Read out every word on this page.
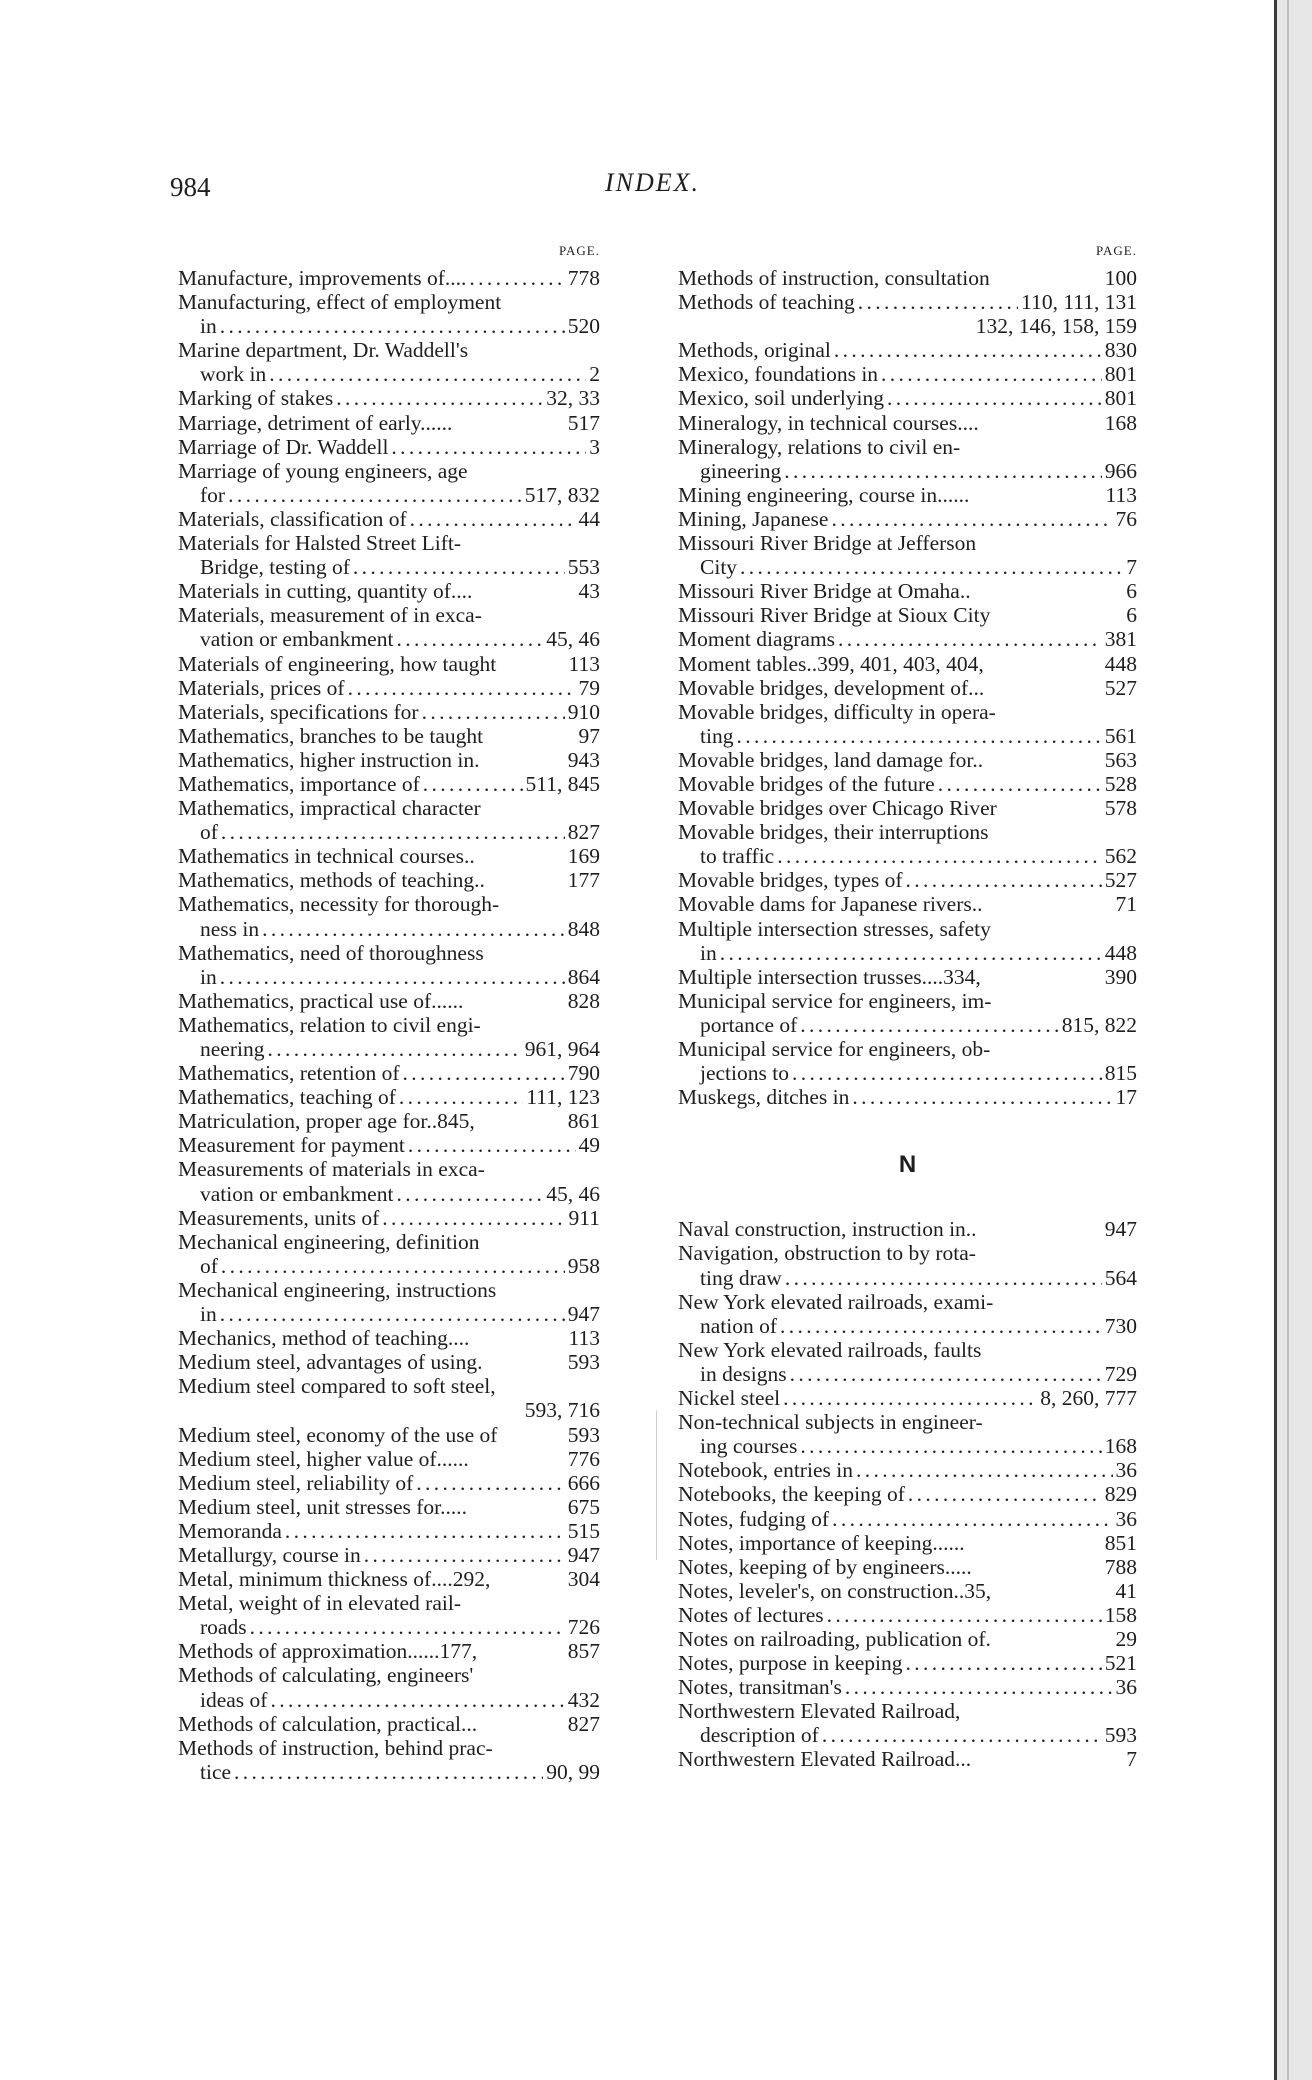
984	INDEX.
PAGE.
Manufacture, improvements of.... . . .	778
Manufacturing, effect of employment
in . . .	520
Marine department, Dr. Waddell's
work in . . .	2
Marking of stakes . . .	32, 33
Marriage, detriment of early......	517
Marriage of Dr. Waddell . . .	3
Marriage of young engineers, age
for . . .	517, 832
Materials, classification of . . .	44
Materials for Halsted Street Lift-
Bridge, testing of . . .	553
Materials in cutting, quantity of....	43
Materials, measurement of in exca-
vation or embankment . . .	45, 46
Materials of engineering, how taught	113
Materials, prices of . . .	79
Materials, specifications for . . .	910
Mathematics, branches to be taught	97
Mathematics, higher instruction in.	943
Mathematics, importance of . . .	511, 845
Mathematics, impractical character
of . . .	827
Mathematics in technical courses..	169
Mathematics, methods of teaching..	177
Mathematics, necessity for thorough-
ness in . . .	848
Mathematics, need of thoroughness
in . . .	864
Mathematics, practical use of......	828
Mathematics, relation to civil engi-
neering . . .	961, 964
Mathematics, retention of . . .	790
Mathematics, teaching of . . .	111, 123
Matriculation, proper age for..845,	861
Measurement for payment . . .	49
Measurements of materials in exca-
vation or embankment . . .	45, 46
Measurements, units of . . .	911
Mechanical engineering, definition
of . . .	958
Mechanical engineering, instructions
in . . .	947
Mechanics, method of teaching....	113
Medium steel, advantages of using.	593
Medium steel compared to soft steel,
593, 716
Medium steel, economy of the use of	593
Medium steel, higher value of......	776
Medium steel, reliability of . . .	666
Medium steel, unit stresses for.....	675
Memoranda . . .	515
Metallurgy, course in . . .	947
Metal, minimum thickness of....292,	304
Metal, weight of in elevated rail-
roads . . .	726
Methods of approximation......177,	857
Methods of calculating, engineers'
ideas of . . .	432
Methods of calculation, practical...	827
Methods of instruction, behind prac-
tice . . .	90, 99
PAGE.
Methods of instruction, consultation	100
Methods of teaching . . .	110, 111, 131
132, 146, 158, 159
Methods, original . . .	830
Mexico, foundations in . . .	801
Mexico, soil underlying . . .	801
Mineralogy, in technical courses....	168
Mineralogy, relations to civil en-
gineering . . .	966
Mining engineering, course in......	113
Mining, Japanese . . .	76
Missouri River Bridge at Jefferson
City . . .	7
Missouri River Bridge at Omaha..	6
Missouri River Bridge at Sioux City	6
Moment diagrams . . .	381
Moment tables..399, 401, 403, 404,	448
Movable bridges, development of...	527
Movable bridges, difficulty in opera-
ting . . .	561
Movable bridges, land damage for..	563
Movable bridges of the future . . .	528
Movable bridges over Chicago River	578
Movable bridges, their interruptions
to traffic . . .	562
Movable bridges, types of . . .	527
Movable dams for Japanese rivers..	71
Multiple intersection stresses, safety
in . . .	448
Multiple intersection trusses....334,	390
Municipal service for engineers, im-
portance of . . .	815, 822
Municipal service for engineers, ob-
jections to . . .	815
Muskegs, ditches in . . .	17
N
Naval construction, instruction in..	947
Navigation, obstruction to by rota-
ting draw . . .	564
New York elevated railroads, exami-
nation of . . .	730
New York elevated railroads, faults
in designs . . .	729
Nickel steel . . .	8, 260, 777
Non-technical subjects in engineer-
ing courses . . .	168
Notebook, entries in . . .	36
Notebooks, the keeping of . . .	829
Notes, fudging of . . .	36
Notes, importance of keeping......	851
Notes, keeping of by engineers.....	788
Notes, leveler's, on construction..35,	41
Notes of lectures . . .	158
Notes on railroading, publication of.	29
Notes, purpose in keeping . . .	521
Notes, transitman's . . .	36
Northwestern Elevated Railroad,
description of . . .	593
Northwestern Elevated Railroad...	7
